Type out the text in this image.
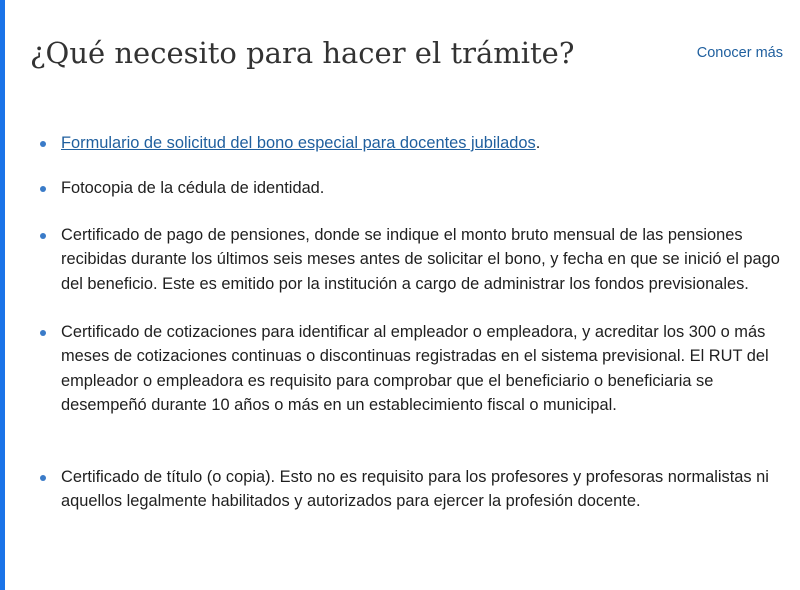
¿Qué necesito para hacer el trámite?	Conocer más
Formulario de solicitud del bono especial para docentes jubilados.
Fotocopia de la cédula de identidad.
Certificado de pago de pensiones, donde se indique el monto bruto mensual de las pensiones recibidas durante los últimos seis meses antes de solicitar el bono, y fecha en que se inició el pago del beneficio. Este es emitido por la institución a cargo de administrar los fondos previsionales.
Certificado de cotizaciones para identificar al empleador o empleadora, y acreditar los 300 o más meses de cotizaciones continuas o discontinuas registradas en el sistema previsional. El RUT del empleador o empleadora es requisito para comprobar que el beneficiario o beneficiaria se desempeñó durante 10 años o más en un establecimiento fiscal o municipal.
Certificado de título (o copia). Esto no es requisito para los profesores y profesoras normalistas ni aquellos legalmente habilitados y autorizados para ejercer la profesión docente.
